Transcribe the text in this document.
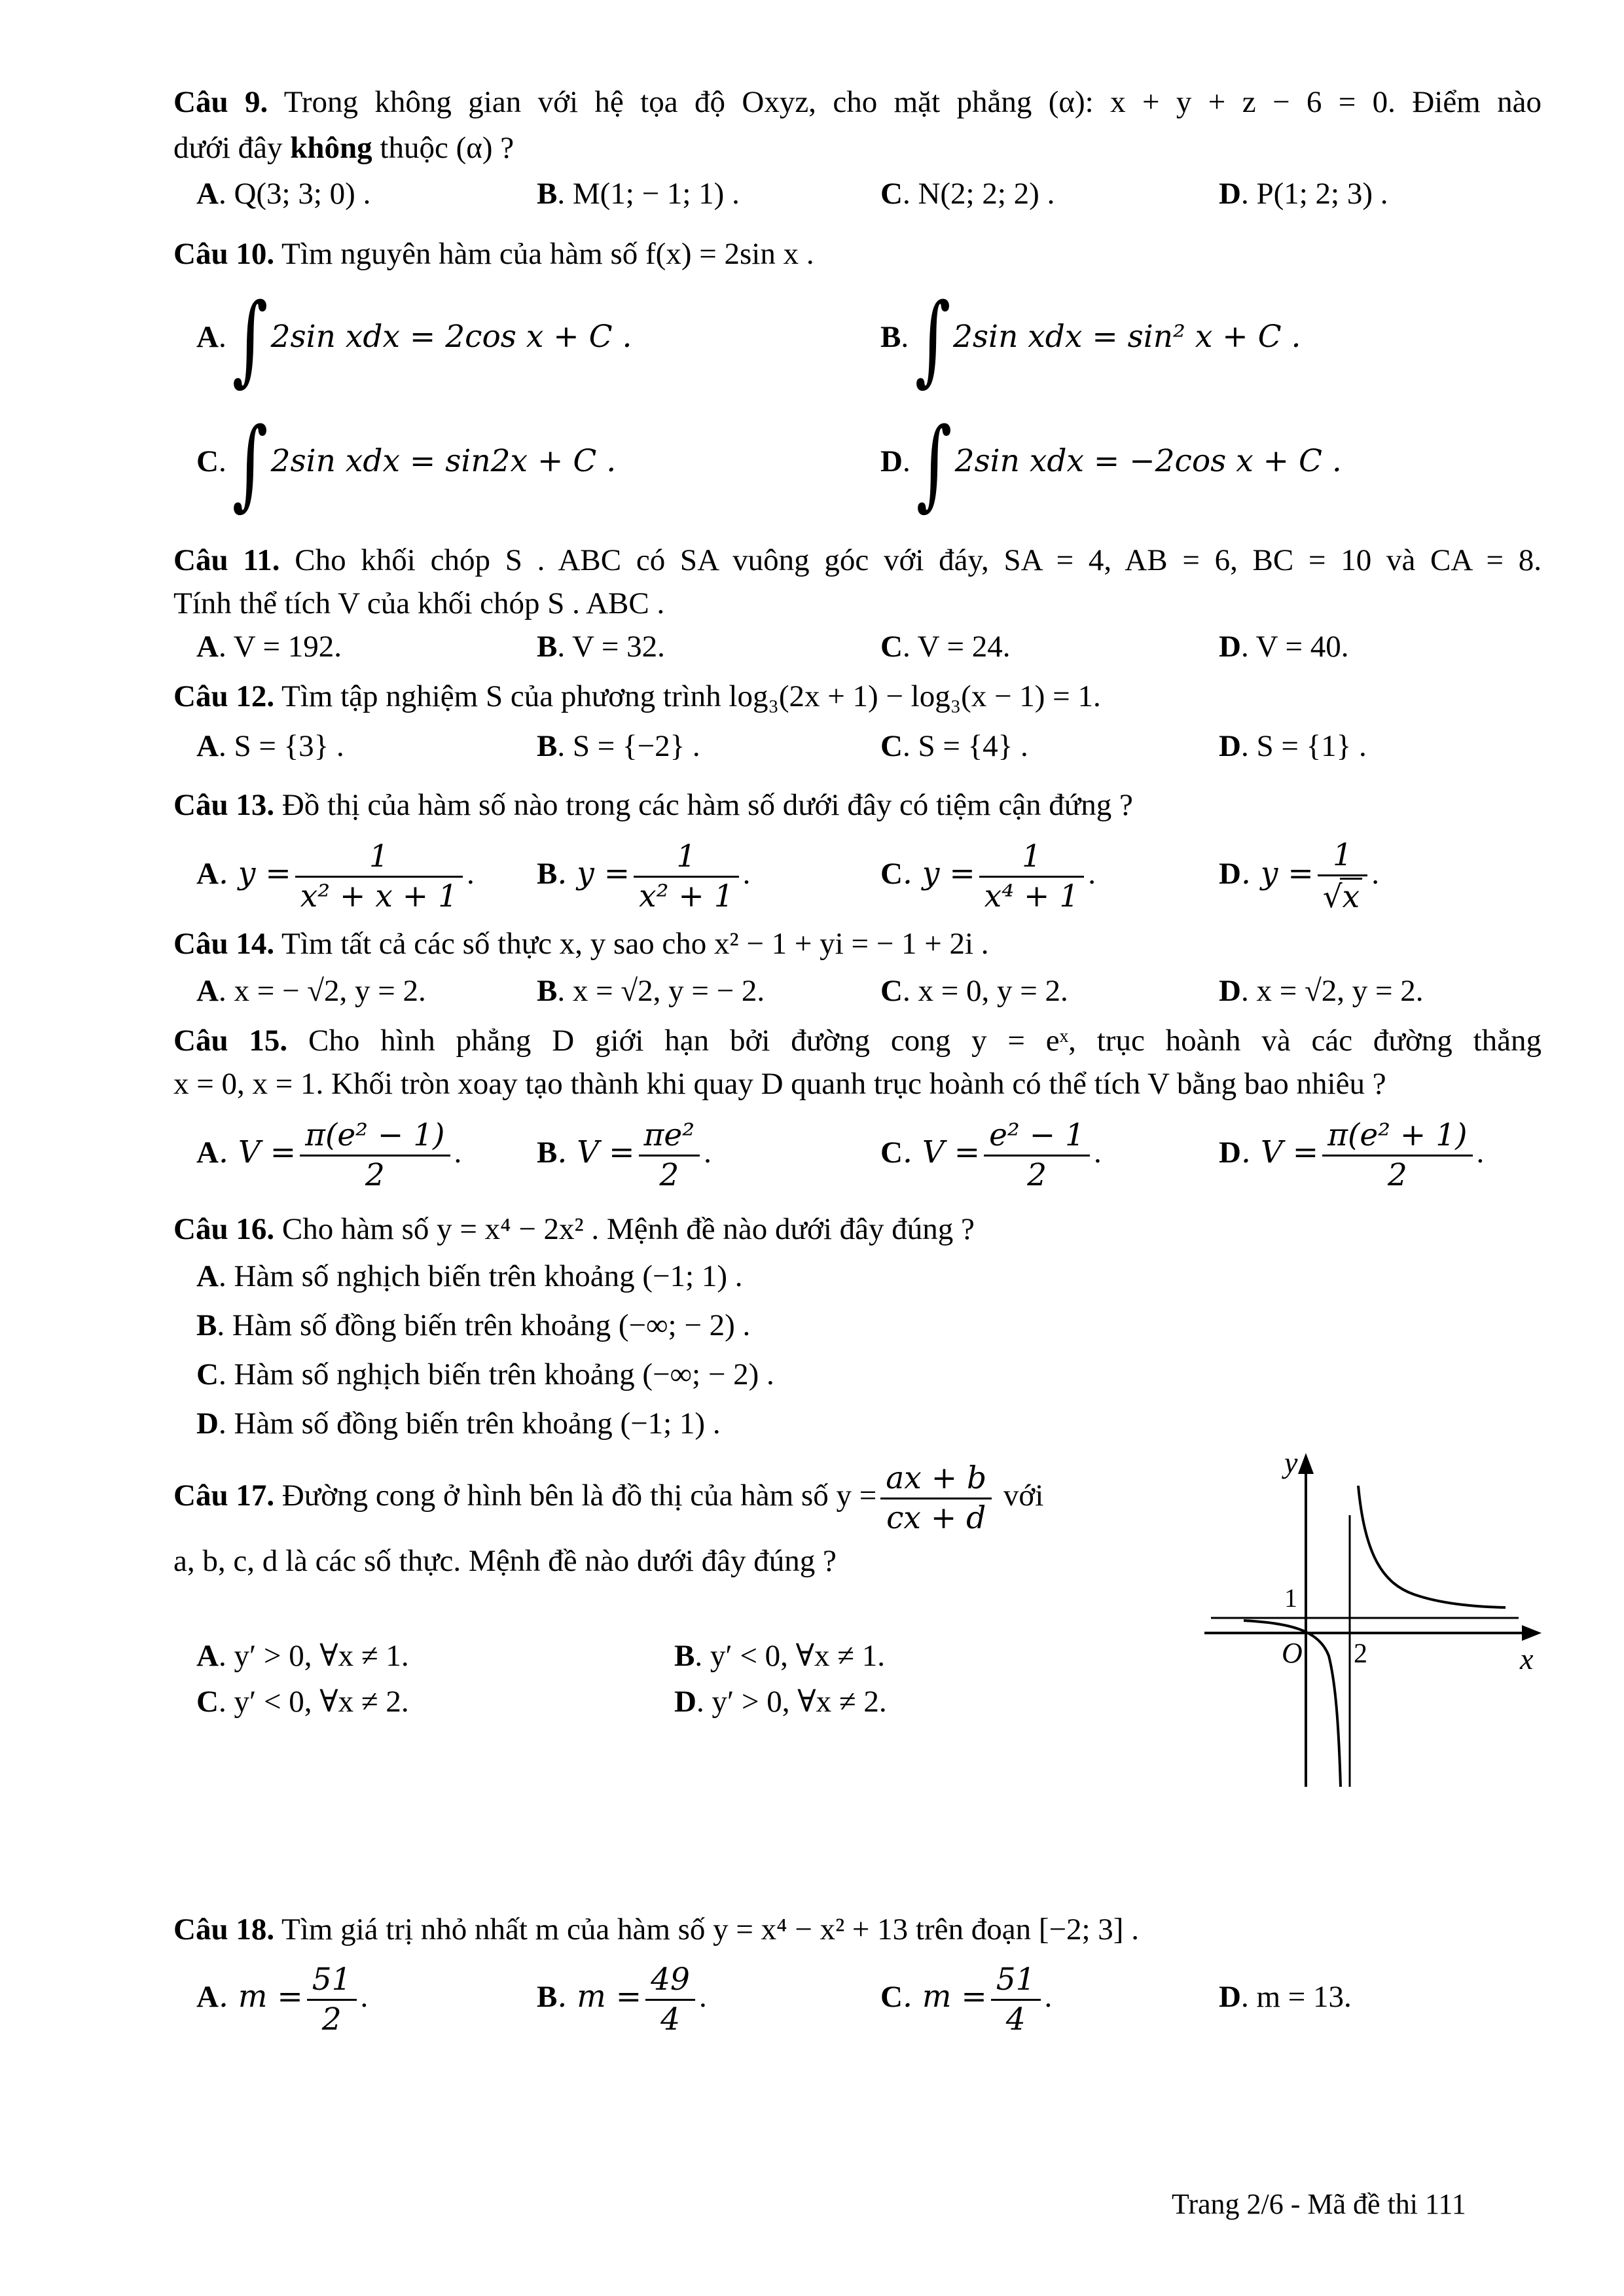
Câu 9. Trong không gian với hệ tọa độ Oxyz, cho mặt phẳng (α): x + y + z − 6 = 0. Điểm nào
dưới đây không thuộc (α) ?
A. Q(3; 3; 0) .	B. M(1; − 1; 1) .	C. N(2; 2; 2) .	D. P(1; 2; 3) .
Câu 10. Tìm nguyên hàm của hàm số f(x) = 2sin x .
A. ∫2sin xdx = 2cos x + C .	B. ∫2sin xdx = sin² x + C .
C. ∫2sin xdx = sin2x + C .	D. ∫2sin xdx = −2cos x + C .
Câu 11. Cho khối chóp S . ABC có SA vuông góc với đáy, SA = 4, AB = 6, BC = 10 và CA = 8.
Tính thể tích V của khối chóp S . ABC .
A. V = 192.	B. V = 32.	C. V = 24.	D. V = 40.
Câu 12. Tìm tập nghiệm S của phương trình log₃(2x + 1) − log₃(x − 1) = 1.
A. S = {3} .	B. S = {−2} .	C. S = {4} .	D. S = {1} .
Câu 13. Đồ thị của hàm số nào trong các hàm số dưới đây có tiệm cận đứng ?
A. $y = \frac{1}{\text{x² + x + 1}}$ . B. $y = \frac{1}{\text{x² + 1}}$ .	C. $y = \frac{1}{\text{x⁴ + 1}}$ .	D. $y = \frac{1}{√x}$ .
Câu 14. Tìm tất cả các số thực x, y sao cho x² − 1 + yi = − 1 + 2i .
A. x = − √2, y = 2.	B. x = √2, y = − 2.	C. x = 0, y = 2.	D. x = √2, y = 2.
Câu 15. Cho hình phẳng D giới hạn bởi đường cong y = eˣ, trục hoành và các đường thẳng
x = 0, x = 1. Khối tròn xoay tạo thành khi quay D quanh trục hoành có thể tích V bằng bao nhiêu ?
A. $V = \frac{\text{π(e² − 1)}}{2}$ . B. $V = \frac{\text{πe²}}{2}$ .	C. $V = \frac{\text{e² − 1}}{2}$ .	D. $V = \frac{\text{π(e² + 1)}}{2}$ .
Câu 16. Cho hàm số y = x⁴ − 2x² . Mệnh đề nào dưới đây đúng ?
A. Hàm số nghịch biến trên khoảng (−1; 1) .
B. Hàm số đồng biến trên khoảng (−∞; − 2) .
C. Hàm số nghịch biến trên khoảng (−∞; − 2) .
D. Hàm số đồng biến trên khoảng (−1; 1) .
Câu 17. Đường cong ở hình bên là đồ thị của hàm số $y = \frac{ax + b}{cx + d}$ với
a, b, c, d là các số thực. Mệnh đề nào dưới đây đúng ?
A. y′ > 0, ∀x ≠ 1.	B. y′ < 0, ∀x ≠ 1.
C. y′ < 0, ∀x ≠ 2.	D. y′ > 0, ∀x ≠ 2.
y
x
O 2
1
Câu 18. Tìm giá trị nhỏ nhất m của hàm số y = x⁴ − x² + 13 trên đoạn [−2; 3] .
A. $m = \frac{51}{2}$ .	B. $m = \frac{49}{4}$ .	C. $m = \frac{51}{4}$ .	D. m = 13.
Trang 2/6 - Mã đề thi 111
